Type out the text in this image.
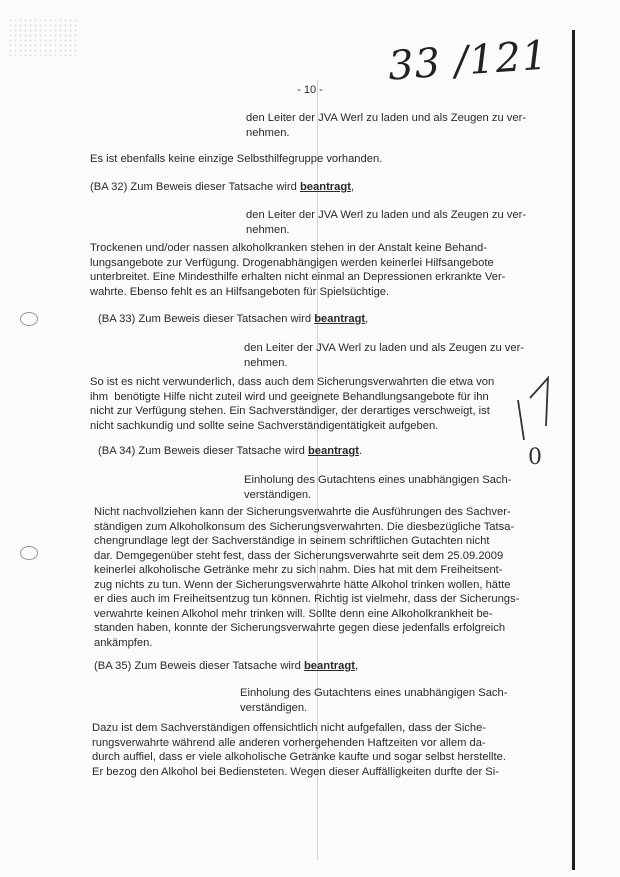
33 /121
- 10 -

den Leiter der JVA Werl zu laden und als Zeugen zu ver-
nehmen.

Es ist ebenfalls keine einzige Selbsthilfegruppe vorhanden.

(BA 32) Zum Beweis dieser Tatsache wird beantragt,

den Leiter der JVA Werl zu laden und als Zeugen zu ver-
nehmen.

Trockenen und/oder nassen alkoholkranken stehen in der Anstalt keine Behand-
lungsangebote zur Verfügung. Drogenabhängigen werden keinerlei Hilfsangebote
unterbreitet. Eine Mindesthilfe erhalten nicht einmal an Depressionen erkrankte Ver-
wahrte. Ebenso fehlt es an Hilfsangeboten für Spielsüchtige.

(BA 33) Zum Beweis dieser Tatsachen wird beantragt,

den Leiter der JVA Werl zu laden und als Zeugen zu ver-
nehmen.

So ist es nicht verwunderlich, dass auch dem Sicherungsverwahrten die etwa von
ihm  benötigte Hilfe nicht zuteil wird und geeignete Behandlungsangebote für ihn
nicht zur Verfügung stehen. Ein Sachverständiger, der derartiges verschweigt, ist
nicht sachkundig und sollte seine Sachverständigentätigkeit aufgeben.

0

(BA 34) Zum Beweis dieser Tatsache wird beantragt.

Einholung des Gutachtens eines unabhängigen Sach-
verständigen.

Nicht nachvollziehen kann der Sicherungsverwahrte die Ausführungen des Sachver-
ständigen zum Alkoholkonsum des Sicherungsverwahrten. Die diesbezügliche Tatsa-
chengrundlage legt der Sachverständige in seinem schriftlichen Gutachten nicht
dar. Demgegenüber steht fest, dass der Sicherungsverwahrte seit dem 25.09.2009
keinerlei alkoholische Getränke mehr zu sich nahm. Dies hat mit dem Freiheitsent-
zug nichts zu tun. Wenn der Sicherungsverwahrte hätte Alkohol trinken wollen, hätte
er dies auch im Freiheitsentzug tun können. Richtig ist vielmehr, dass der Sicherungs-
verwahrte keinen Alkohol mehr trinken will. Sollte denn eine Alkoholkrankheit be-
standen haben, konnte der Sicherungsverwahrte gegen diese jedenfalls erfolgreich
ankämpfen.

(BA 35) Zum Beweis dieser Tatsache wird beantragt,

Einholung des Gutachtens eines unabhängigen Sach-
verständigen.

Dazu ist dem Sachverständigen offensichtlich nicht aufgefallen, dass der Siche-
rungsverwahrte während alle anderen vorhergehenden Haftzeiten vor allem da-
durch auffiel, dass er viele alkoholische Getränke kaufte und sogar selbst herstellte.
Er bezog den Alkohol bei Bediensteten. Wegen dieser Auffälligkeiten durfte der Si-
